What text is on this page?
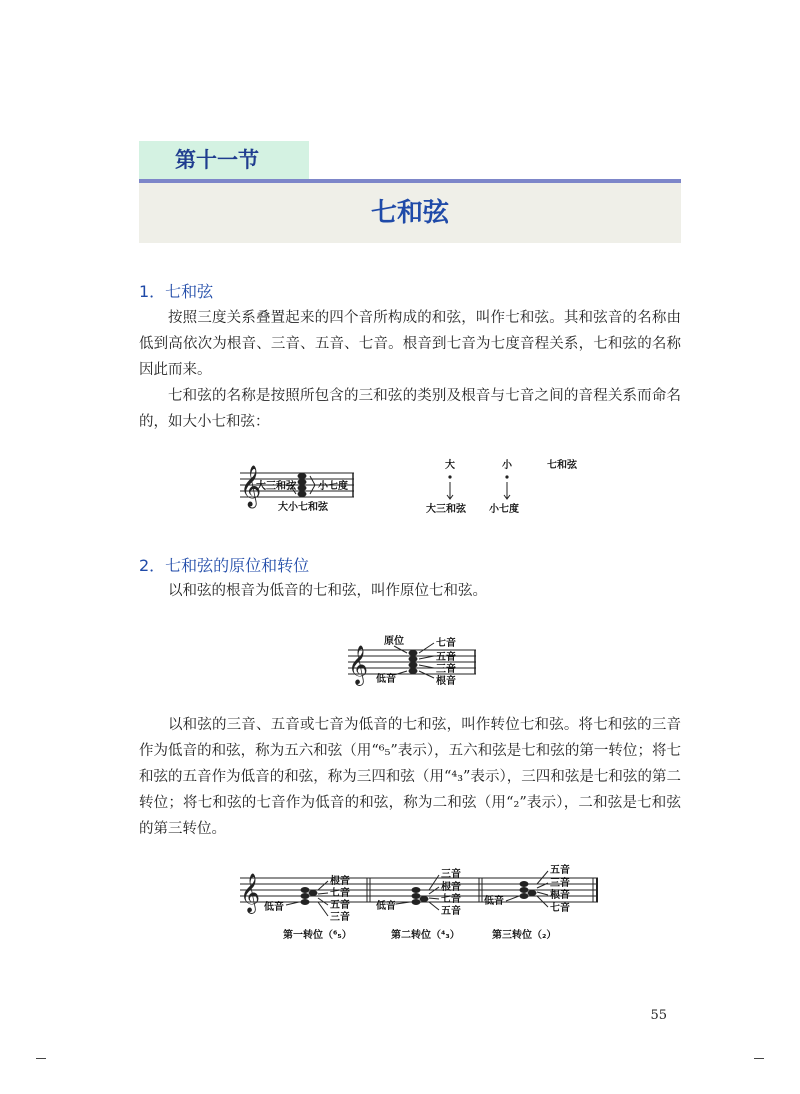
第十一节
七和弦
1．七和弦
按照三度关系叠置起来的四个音所构成的和弦，叫作七和弦。其和弦音的名称由低到高依次为根音、三音、五音、七音。根音到七音为七度音程关系，七和弦的名称因此而来。
七和弦的名称是按照所包含的三和弦的类别及根音与七音之间的音程关系而命名的，如大小七和弦：
𝄞
大三和弦 小七度
大小七和弦
大	小	七和弦
大三和弦 小七度
2．七和弦的原位和转位
以和弦的根音为低音的七和弦，叫作原位七和弦。
𝄞
原位
低音
七音
五音
三音
根音
以和弦的三音、五音或七音为低音的七和弦，叫作转位七和弦。将七和弦的三音作为低音的和弦，称为五六和弦（用“⁶₅”表示），五六和弦是七和弦的第一转位；将七和弦的五音作为低音的和弦，称为三四和弦（用“⁴₃”表示），三四和弦是七和弦的第二转位；将七和弦的七音作为低音的和弦，称为二和弦（用“₂”表示），二和弦是七和弦的第三转位。
𝄞 低音
根音
七音
五音
三音
低音
三音
根音
七音
五音
低音
五音
三音
根音
七音
第一转位（⁶₅）	第二转位（⁴₃）	第三转位（₂）
55
